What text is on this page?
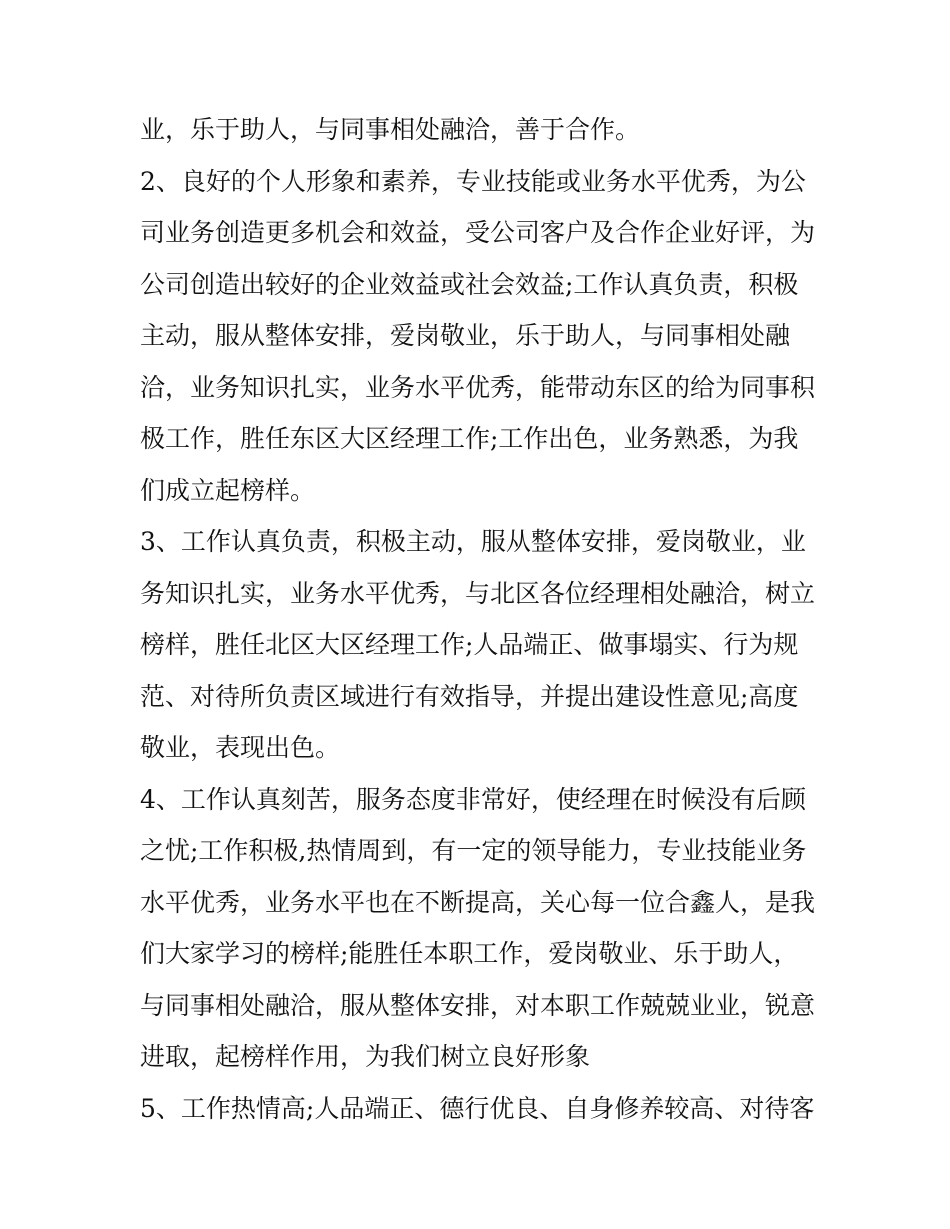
业，乐于助人，与同事相处融洽，善于合作。
2、良好的个人形象和素养，专业技能或业务水平优秀，为公
司业务创造更多机会和效益，受公司客户及合作企业好评，为
公司创造出较好的企业效益或社会效益;工作认真负责，积极
主动，服从整体安排，爱岗敬业，乐于助人，与同事相处融
洽，业务知识扎实，业务水平优秀，能带动东区的给为同事积
极工作，胜任东区大区经理工作;工作出色，业务熟悉，为我
们成立起榜样。
3、工作认真负责，积极主动，服从整体安排，爱岗敬业，业
务知识扎实，业务水平优秀，与北区各位经理相处融洽，树立
榜样，胜任北区大区经理工作;人品端正、做事塌实、行为规
范、对待所负责区域进行有效指导，并提出建设性意见;高度
敬业，表现出色。
4、工作认真刻苦，服务态度非常好，使经理在时候没有后顾
之忧;工作积极,热情周到，有一定的领导能力，专业技能业务
水平优秀，业务水平也在不断提高，关心每一位合鑫人，是我
们大家学习的榜样;能胜任本职工作，爱岗敬业、乐于助人，
与同事相处融洽，服从整体安排，对本职工作兢兢业业，锐意
进取，起榜样作用，为我们树立良好形象
5、工作热情高;人品端正、德行优良、自身修养较高、对待客
